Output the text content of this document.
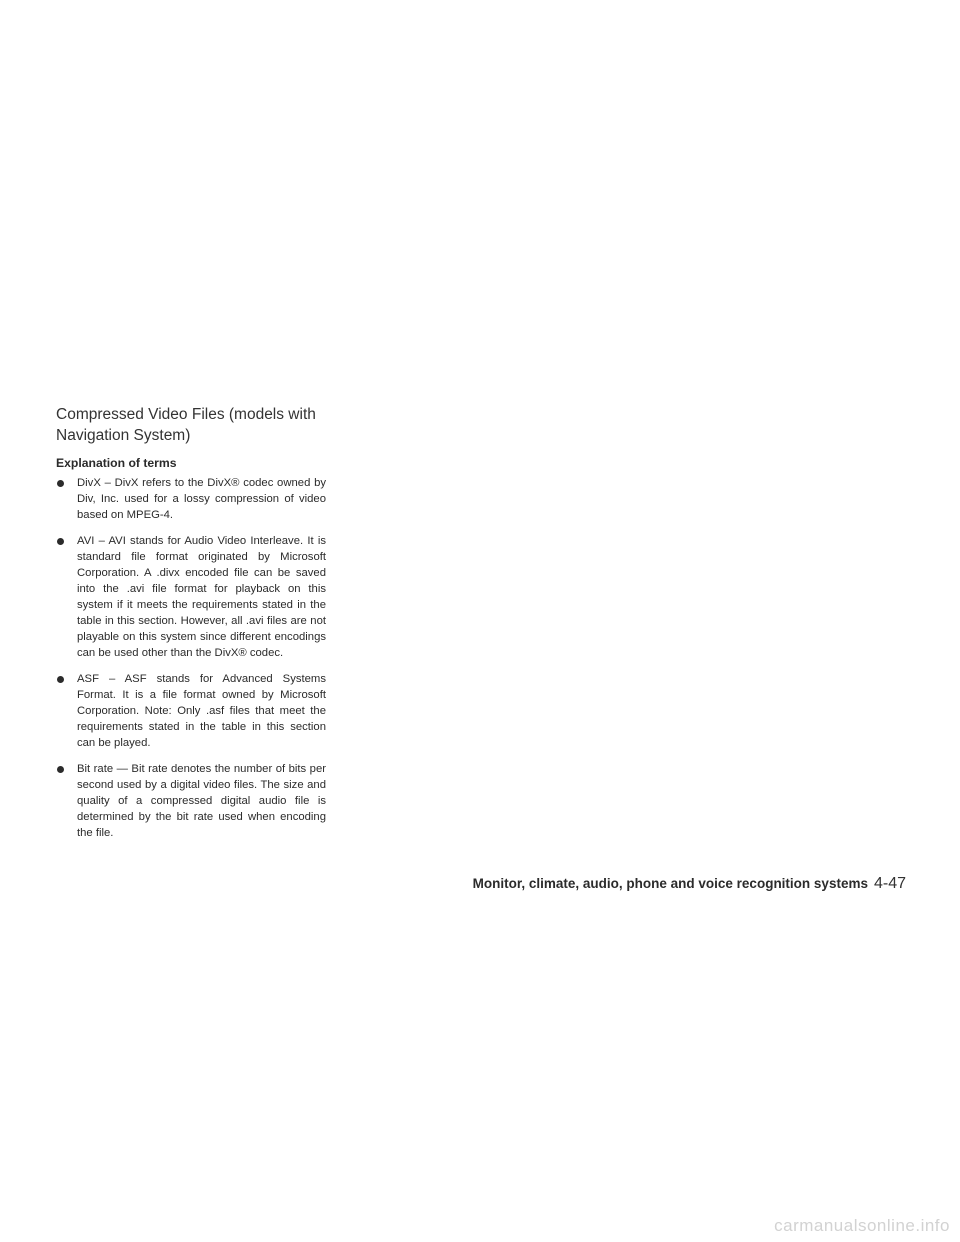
Compressed Video Files (models with
Navigation System)
Explanation of terms
DivX – DivX refers to the DivX® codec owned by Div, Inc. used for a lossy compression of video based on MPEG-4.
AVI – AVI stands for Audio Video Interleave. It is standard file format originated by Microsoft Corporation. A .divx encoded file can be saved into the .avi file format for playback on this system if it meets the requirements stated in the table in this section. However, all .avi files are not playable on this system since different encodings can be used other than the DivX® codec.
ASF – ASF stands for Advanced Systems Format. It is a file format owned by Microsoft Corporation. Note: Only .asf files that meet the requirements stated in the table in this section can be played.
Bit rate — Bit rate denotes the number of bits per second used by a digital video files. The size and quality of a compressed digital audio file is determined by the bit rate used when encoding the file.
Monitor, climate, audio, phone and voice recognition systems 4-47
carmanualsonline.info
